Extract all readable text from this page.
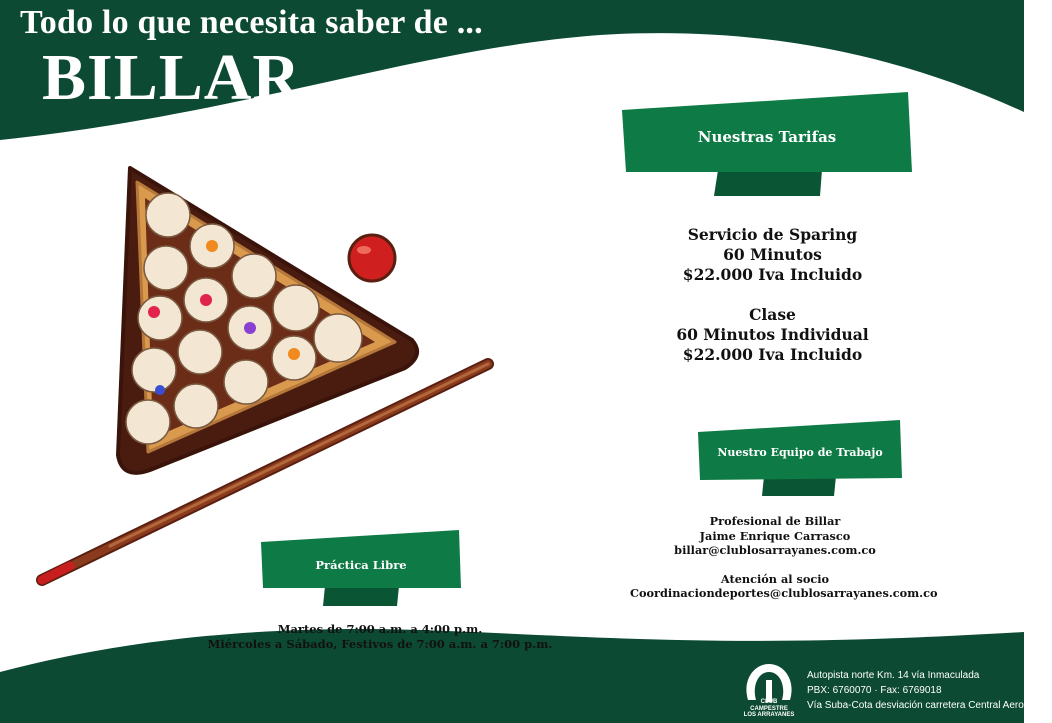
Todo lo que necesita saber de ...
BILLAR
Nuestras Tarifas
Servicio de Sparing
60 Minutos
$22.000 Iva Incluido
Clase
60 Minutos Individual
$22.000 Iva Incluido
Nuestro Equipo de Trabajo
Profesional de Billar
Jaime Enrique Carrasco
billar@clublosarrayanes.com.co
Atención al socio
Coordinaciondeportes@clublosarrayanes.com.co
Práctica Libre
Martes de 7:00 a.m. a 4:00 p.m.
Miércoles a Sábado, Festivos de 7:00 a.m. a 7:00 p.m.
CLUB
CAMPESTRE
LOS ARRAYANES
Autopista norte Km. 14 vía Inmaculada
PBX: 6760070 · Fax: 6769018
Vía Suba-Cota desviación carretera Central Aeropuerto
